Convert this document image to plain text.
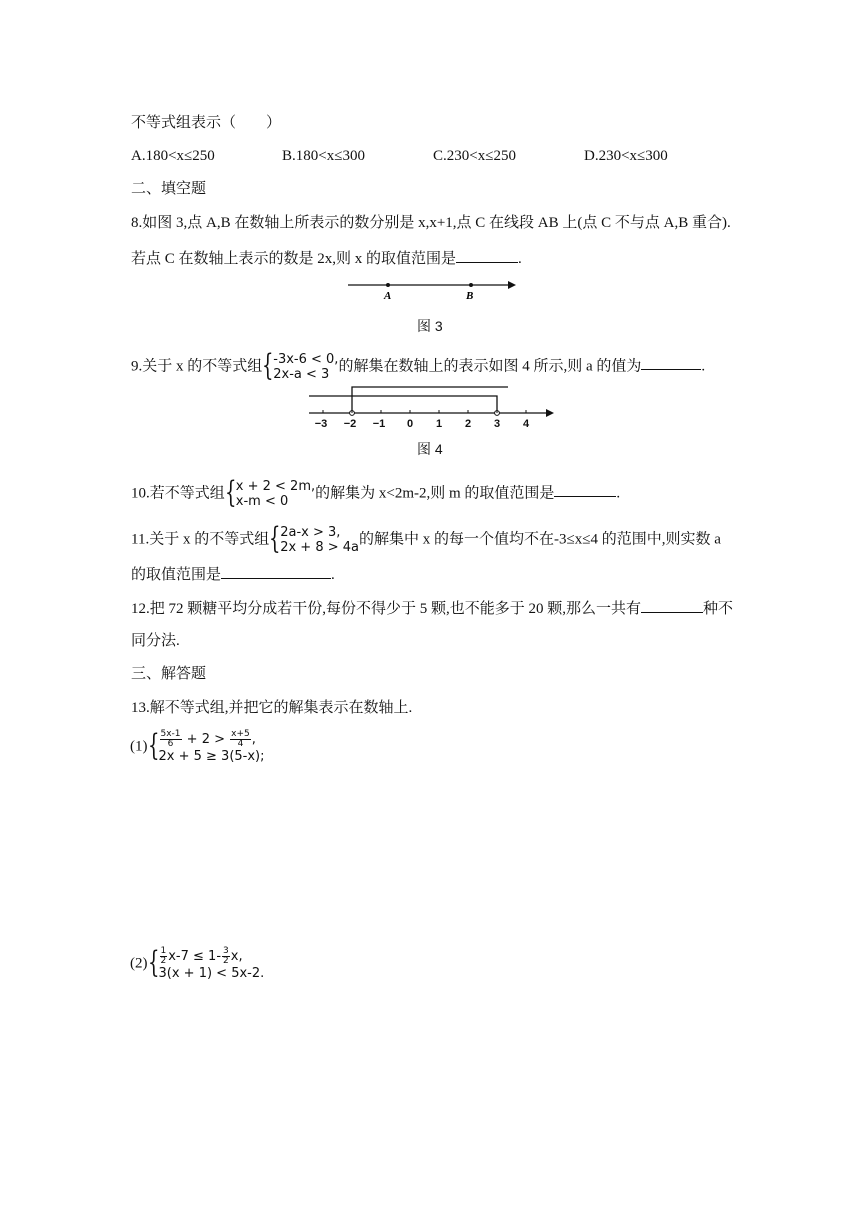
不等式组表示（　　）
A.180<x≤250	B.180<x≤300	C.230<x≤250	D.230<x≤300
二、填空题
8.如图 3,点 A,B 在数轴上所表示的数分别是 x,x+1,点 C 在线段 AB 上(点 C 不与点 A,B 重合).
若点 C 在数轴上表示的数是 2x,则 x 的取值范围是	.
A	B
图 3
9.关于 x 的不等式组 { -3x-6 < 0,
2x-a < 3
的解集在数轴上的表示如图 4 所示,则 a 的值为	.
−3 −2 −1 0 1 2 3 4
图 4
10.若不等式组 { x + 2 < 2m,
x-m < 0
的解集为 x<2m-2,则 m 的取值范围是	.
11.关于 x 的不等式组 { 2a-x > 3,
2x + 8 > 4a
的解集中 x 的每一个值均不在-3≤x≤4 的范围中,则实数 a
的取值范围是	.
12.把 72 颗糖平均分成若干份,每份不得少于 5 颗,也不能多于 20 颗,那么一共有	种不
同分法.
三、解答题
13.解不等式组,并把它的解集表示在数轴上.
(1) { $\frac{5x-1}{6} + 2 > \frac{x+5}{4}$ ,
2x + 5 ≥ 3(5-x);
(2) { $\frac{1}{2} x-7 \le 1- \frac{3}{2} x$,
3(x + 1) < 5x-2.
